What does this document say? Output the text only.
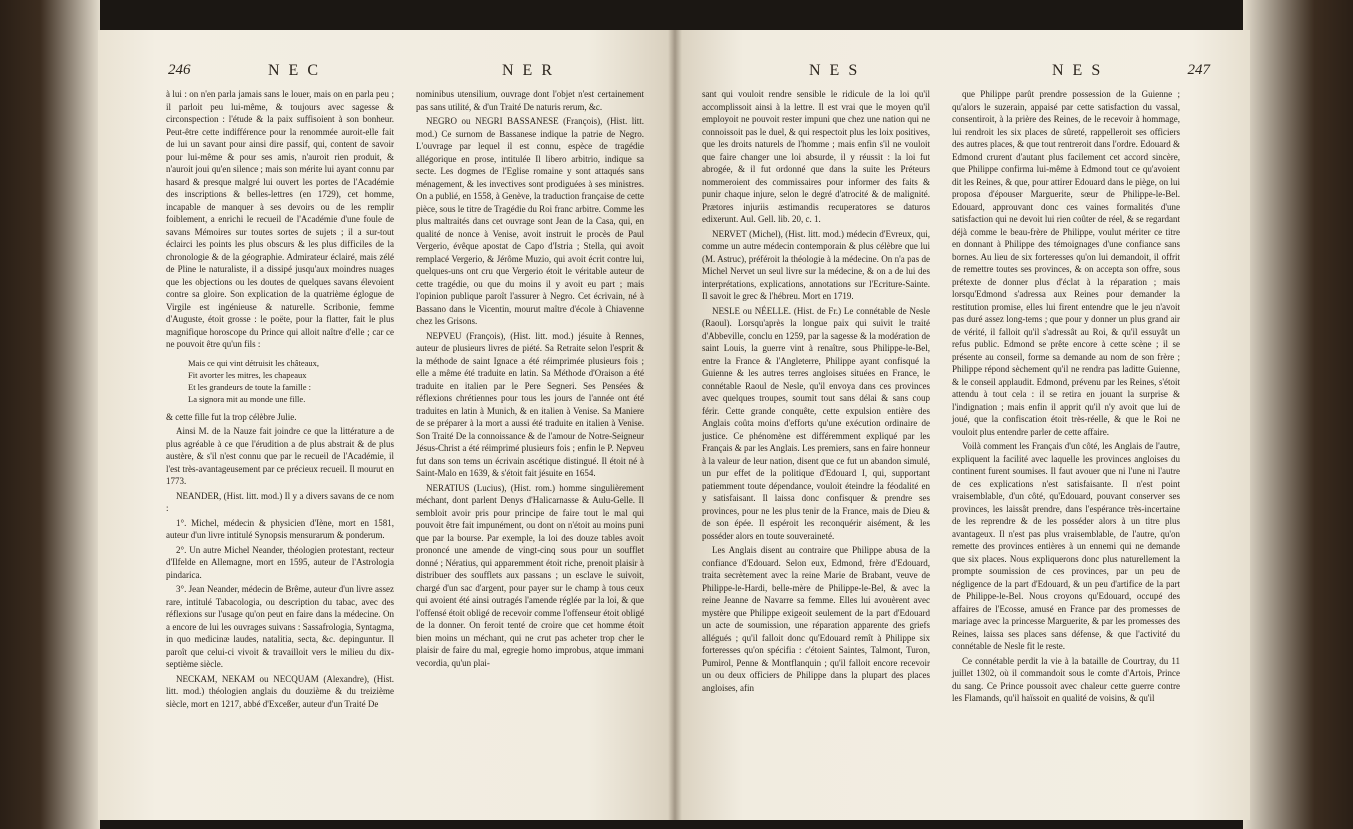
246	NEC	NER

à lui : on n'en parla jamais sans le louer, mais on en parla peu ; il parloit peu lui-même, & toujours avec sagesse & circonspection : l'étude & la paix suffisoient à son bonheur. Peut-être cette indifférence pour la renommée auroit-elle fait de lui un savant pour ainsi dire passif, qui, content de savoir pour lui-même & pour ses amis, n'auroit rien produit, & n'auroit joui qu'en silence ; mais son mérite lui ayant connu par hasard & presque malgré lui ouvert les portes de l'Académie des inscriptions & belles-lettres (en 1729), cet homme, incapable de manquer à ses devoirs ou de les remplir foiblement, a enrichi le recueil de l'Académie d'une foule de savans Mémoires sur toutes sortes de sujets ; il a sur-tout éclairci les points les plus obscurs & les plus difficiles de la chronologie & de la géographie. Admirateur éclairé, mais zélé de Pline le naturaliste, il a dissipé jusqu'aux moindres nuages que les objections ou les doutes de quelques savans élevoient contre sa gloire. Son explication de la quatrième églogue de Virgile est ingénieuse & naturelle. Scribonie, femme d'Auguste, étoit grosse : le poëte, pour la flatter, fait le plus magnifique horoscope du Prince qui alloit naître d'elle ; car ce ne pouvoit être qu'un fils :

Mais ce qui vint détruisit les châteaux,
Fit avorter les mitres, les chapeaux
Et les grandeurs de toute la famille :
La signora mit au monde une fille.

& cette fille fut la trop célèbre Julie.

Ainsi M. de la Nauze fait joindre ce que la littérature a de plus agréable à ce que l'érudition a de plus abstrait & de plus austère, & s'il n'est connu que par le recueil de l'Académie, il l'est très-avantageusement par ce précieux recueil. Il mourut en 1773.

NEANDER, (Hist. litt. mod.) Il y a divers savans de ce nom :

1°. Michel, médecin & physicien d'Iène, mort en 1581, auteur d'un livre intitulé Synopsis mensurarum & ponderum.

2°. Un autre Michel Neander, théologien protestant, recteur d'Ilfelde en Allemagne, mort en 1595, auteur de l'Astrologia pindarica.

3°. Jean Neander, médecin de Brême, auteur d'un livre assez rare, intitulé Tabacologia, ou description du tabac, avec des réflexions sur l'usage qu'on peut en faire dans la médecine. On a encore de lui les ouvrages suivans : Sassafrologia, Syntagma, in quo medicinæ laudes, natalitia, secta, &c. depinguntur. Il paroît que celui-ci vivoit & travailloit vers le milieu du dix-septième siècle.

NECKAM, NEKAM ou NECQUAM (Alexandre), (Hist. litt. mod.) théologien anglais du douzième & du treizième siècle, mort en 1217, abbé d'Exceßer, auteur d'un Traité De

nominibus utensilium, ouvrage dont l'objet n'est certainement pas sans utilité, & d'un Traité De naturis rerum, &c.

NEGRO ou NEGRI BASSANESE (François), (Hist. litt. mod.) Ce surnom de Bassanese indique la patrie de Negro. L'ouvrage par lequel il est connu, espèce de tragédie allégorique en prose, intitulée Il libero arbitrio, indique sa secte. Les dogmes de l'Eglise romaine y sont attaqués sans ménagement, & les invectives sont prodiguées à ses ministres. On a publié, en 1558, à Genève, la traduction française de cette pièce, sous le titre de Tragédie du Roi franc arbitre. Comme les plus maltraités dans cet ouvrage sont Jean de la Casa, qui, en qualité de nonce à Venise, avoit instruit le procès de Paul Vergerio, évêque apostat de Capo d'Istria ; Stella, qui avoit remplacé Vergerio, & Jérôme Muzio, qui avoit écrit contre lui, quelques-uns ont cru que Vergerio étoit le véritable auteur de cette tragédie, ou que du moins il y avoit eu part ; mais l'opinion publique paroît l'assurer à Negro. Cet écrivain, né à Bassano dans le Vicentin, mourut maître d'école à Chiavenne chez les Grisons.

NEPVEU (François), (Hist. litt. mod.) jésuite à Rennes, auteur de plusieurs livres de piété. Sa Retraite selon l'esprit & la méthode de saint Ignace a été réimprimée plusieurs fois ; elle a même été traduite en latin. Sa Méthode d'Oraison a été traduite en italien par le Pere Segneri. Ses Pensées & réflexions chrétiennes pour tous les jours de l'année ont été traduites en latin à Munich, & en italien à Venise. Sa Maniere de se préparer à la mort a aussi été traduite en italien à Venise. Son Traité De la connoissance & de l'amour de Notre-Seigneur Jésus-Christ a été réimprimé plusieurs fois ; enfin le P. Nepveu fut dans son tems un écrivain ascétique distingué. Il étoit né à Saint-Malo en 1639, & s'étoit fait jésuite en 1654.

NERATIUS (Lucius), (Hist. rom.) homme singulièrement méchant, dont parlent Denys d'Halicarnasse & Aulu-Gelle. Il sembloit avoir pris pour principe de faire tout le mal qui pouvoit être fait impunément, ou dont on n'étoit au moins puni que par la bourse. Par exemple, la loi des douze tables avoit prononcé une amende de vingt-cinq sous pour un soufflet donné ; Nératius, qui apparemment étoit riche, prenoit plaisir à distribuer des soufflets aux passans ; un esclave le suivoit, chargé d'un sac d'argent, pour payer sur le champ à tous ceux qui avoient été ainsi outragés l'amende réglée par la loi, & que l'offensé étoit obligé de recevoir comme l'offenseur étoit obligé de la donner. On feroit tenté de croire que cet homme étoit bien moins un méchant, qui ne crut pas acheter trop cher le plaisir de faire du mal, egregie homo improbus, atque immani vecordia, qu'un plai-

NES	NES	247

sant qui vouloit rendre sensible le ridicule de la loi qu'il accomplissoit ainsi à la lettre. Il est vrai que le moyen qu'il employoit ne pouvoit rester impuni que chez une nation qui ne connoissoit pas le duel, & qui respectoit plus les loix positives, que les droits naturels de l'homme ; mais enfin s'il ne vouloit que faire changer une loi absurde, il y réussit : la loi fut abrogée, & il fut ordonné que dans la suite les Préteurs nommeroient des commissaires pour informer des faits & punir chaque injure, selon le degré d'atrocité & de malignité. Prætores injuriis æstimandis recuperatores se daturos edixerunt. Aul. Gell. lib. 20, c. 1.

NERVET (Michel), (Hist. litt. mod.) médecin d'Evreux, qui, comme un autre médecin contemporain & plus célèbre que lui (M. Astruc), préféroit la théologie à la médecine. On n'a pas de Michel Nervet un seul livre sur la médecine, & on a de lui des interprétations, explications, annotations sur l'Ecriture-Sainte. Il savoit le grec & l'hébreu. Mort en 1719.

NESLE ou NÉELLE. (Hist. de Fr.) Le connétable de Nesle (Raoul). Lorsqu'après la longue paix qui suivit le traité d'Abbeville, conclu en 1259, par la sagesse & la modération de saint Louis, la guerre vint à renaître, sous Philippe-le-Bel, entre la France & l'Angleterre, Philippe ayant confisqué la Guienne & les autres terres angloises situées en France, le connétable Raoul de Nesle, qu'il envoya dans ces provinces avec quelques troupes, soumit tout sans délai & sans coup férir. Cette grande conquête, cette expulsion entière des Anglais coûta moins d'efforts qu'une exécution ordinaire de justice. Ce phénomène est différemment expliqué par les Français & par les Anglais. Les premiers, sans en faire honneur à la valeur de leur nation, disent que ce fut un abandon simulé, un pur effet de la politique d'Edouard I, qui, supportant patiemment toute dépendance, vouloit éteindre la féodalité en y satisfaisant. Il laissa donc confisquer & prendre ses provinces, pour ne les plus tenir de la France, mais de Dieu & de son épée. Il espéroit les reconquérir aisément, & les posséder alors en toute souveraineté.

Les Anglais disent au contraire que Philippe abusa de la confiance d'Edouard. Selon eux, Edmond, frère d'Edouard, traita secrètement avec la reine Marie de Brabant, veuve de Philippe-le-Hardi, belle-mère de Philippe-le-Bel, & avec la reine Jeanne de Navarre sa femme. Elles lui avouèrent avec mystère que Philippe exigeoit seulement de la part d'Edouard un acte de soumission, une réparation apparente des griefs allégués ; qu'il falloit donc qu'Edouard remît à Philippe six forteresses qu'on spécifia : c'étoient Saintes, Talmont, Turon, Pumirol, Penne & Montflanquin ; qu'il falloit encore recevoir un ou deux officiers de Philippe dans la plupart des places angloises, afin

que Philippe parût prendre possession de la Guienne ; qu'alors le suzerain, appaisé par cette satisfaction du vassal, consentiroit, à la prière des Reines, de le recevoir à hommage, lui rendroit les six places de sûreté, rappelleroit ses officiers des autres places, & que tout rentreroit dans l'ordre. Edouard & Edmond crurent d'autant plus facilement cet accord sincère, que Philippe confirma lui-même à Edmond tout ce qu'avoient dit les Reines, & que, pour attirer Edouard dans le piège, on lui proposa d'épouser Marguerite, sœur de Philippe-le-Bel. Edouard, approuvant donc ces vaines formalités d'une satisfaction qui ne devoit lui rien coûter de réel, & se regardant déjà comme le beau-frère de Philippe, voulut mériter ce titre en donnant à Philippe des témoignages d'une confiance sans bornes. Au lieu de six forteresses qu'on lui demandoit, il offrit de remettre toutes ses provinces, & on accepta son offre, sous prétexte de donner plus d'éclat à la réparation ; mais lorsqu'Edmond s'adressa aux Reines pour demander la restitution promise, elles lui firent entendre que le jeu n'avoit pas duré assez long-tems ; que pour y donner un plus grand air de vérité, il falloit qu'il s'adressât au Roi, & qu'il essuyât un refus public. Edmond se prête encore à cette scène ; il se présente au conseil, forme sa demande au nom de son frère ; Philippe répond sèchement qu'il ne rendra pas laditte Guienne, & le conseil applaudit. Edmond, prévenu par les Reines, s'étoit attendu à tout cela : il se retira en jouant la surprise & l'indignation ; mais enfin il apprit qu'il n'y avoit que lui de joué, que la confiscation étoit très-réelle, & que le Roi ne vouloit plus entendre parler de cette affaire.

Voilà comment les Français d'un côté, les Anglais de l'autre, expliquent la facilité avec laquelle les provinces angloises du continent furent soumises. Il faut avouer que ni l'une ni l'autre de ces explications n'est satisfaisante. Il n'est point vraisemblable, d'un côté, qu'Edouard, pouvant conserver ses provinces, les laissât prendre, dans l'espérance très-incertaine de les reprendre & de les posséder alors à un titre plus avantageux. Il n'est pas plus vraisemblable, de l'autre, qu'on remette des provinces entières à un ennemi qui ne demande que six places. Nous expliquerons donc plus naturellement la prompte soumission de ces provinces, par un peu de négligence de la part d'Edouard, & un peu d'artifice de la part de Philippe-le-Bel. Nous croyons qu'Edouard, occupé des affaires de l'Ecosse, amusé en France par des promesses de mariage avec la princesse Marguerite, & par les promesses des Reines, laissa ses places sans défense, & que l'activité du connétable de Nesle fit le reste.

Ce connétable perdit la vie à la bataille de Courtray, du 11 juillet 1302, où il commandoit sous le comte d'Artois, Prince du sang. Ce Prince poussoit avec chaleur cette guerre contre les Flamands, qu'il haïssoit en qualité de voisins, & qu'il
